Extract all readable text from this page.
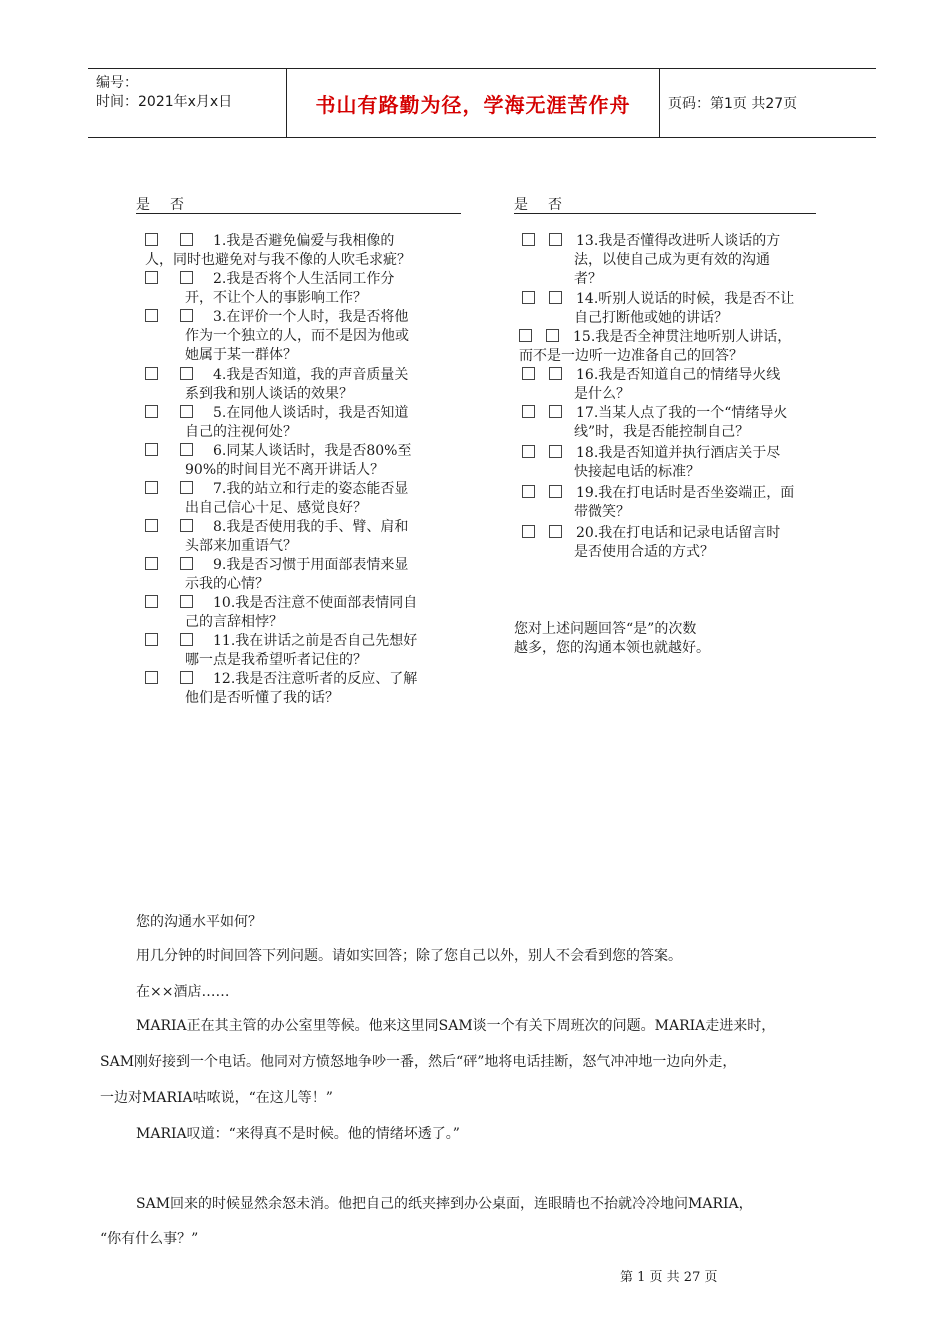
编号：
时间：2021年x月x日	书山有路勤为径，学海无涯苦作舟	页码：第1页 共27页
是 否	是 否
1.我是否避免偏爱与我相像的
人，同时也避免对与我不像的人吹毛求疵？
2.我是否将个人生活同工作分
开，不让个人的事影响工作？
3.在评价一个人时，我是否将他
作为一个独立的人，而不是因为他或
她属于某一群体？
4.我是否知道，我的声音质量关
系到我和别人谈话的效果？
5.在同他人谈话时，我是否知道
自己的注视何处？
6.同某人谈话时，我是否80%至
90%的时间目光不离开讲话人？
7.我的站立和行走的姿态能否显
出自己信心十足、感觉良好？
8.我是否使用我的手、臂、肩和
头部来加重语气？
9.我是否习惯于用面部表情来显
示我的心情？
10.我是否注意不使面部表情同自
己的言辞相悖？
11.我在讲话之前是否自己先想好
哪一点是我希望听者记住的？
12.我是否注意听者的反应、了解
他们是否听懂了我的话？
13.我是否懂得改进听人谈话的方
法，以使自己成为更有效的沟通
者？
14.听别人说话的时候，我是否不让
自己打断他或她的讲话？
15.我是否全神贯注地听别人讲话，
而不是一边听一边准备自己的回答？
16.我是否知道自己的情绪导火线
是什么？
17.当某人点了我的一个“情绪导火
线”时，我是否能控制自己？
18.我是否知道并执行酒店关于尽
快接起电话的标准？
19.我在打电话时是否坐姿端正，面
带微笑？
20.我在打电话和记录电话留言时
是否使用合适的方式？
您对上述问题回答“是”的次数
越多，您的沟通本领也就越好。
您的沟通水平如何？
用几分钟的时间回答下列问题。请如实回答；除了您自己以外，别人不会看到您的答案。
在××酒店……
MARIA正在其主管的办公室里等候。他来这里同SAM谈一个有关下周班次的问题。MARIA走进来时，
SAM刚好接到一个电话。他同对方愤怒地争吵一番，然后“砰”地将电话挂断，怒气冲冲地一边向外走，
一边对MARIA咕哝说，“在这儿等！”
MARIA叹道：“来得真不是时候。他的情绪坏透了。”
SAM回来的时候显然余怒未消。他把自己的纸夹摔到办公桌面，连眼睛也不抬就冷冷地问MARIA，
“你有什么事？”
第 1 页 共 27 页
